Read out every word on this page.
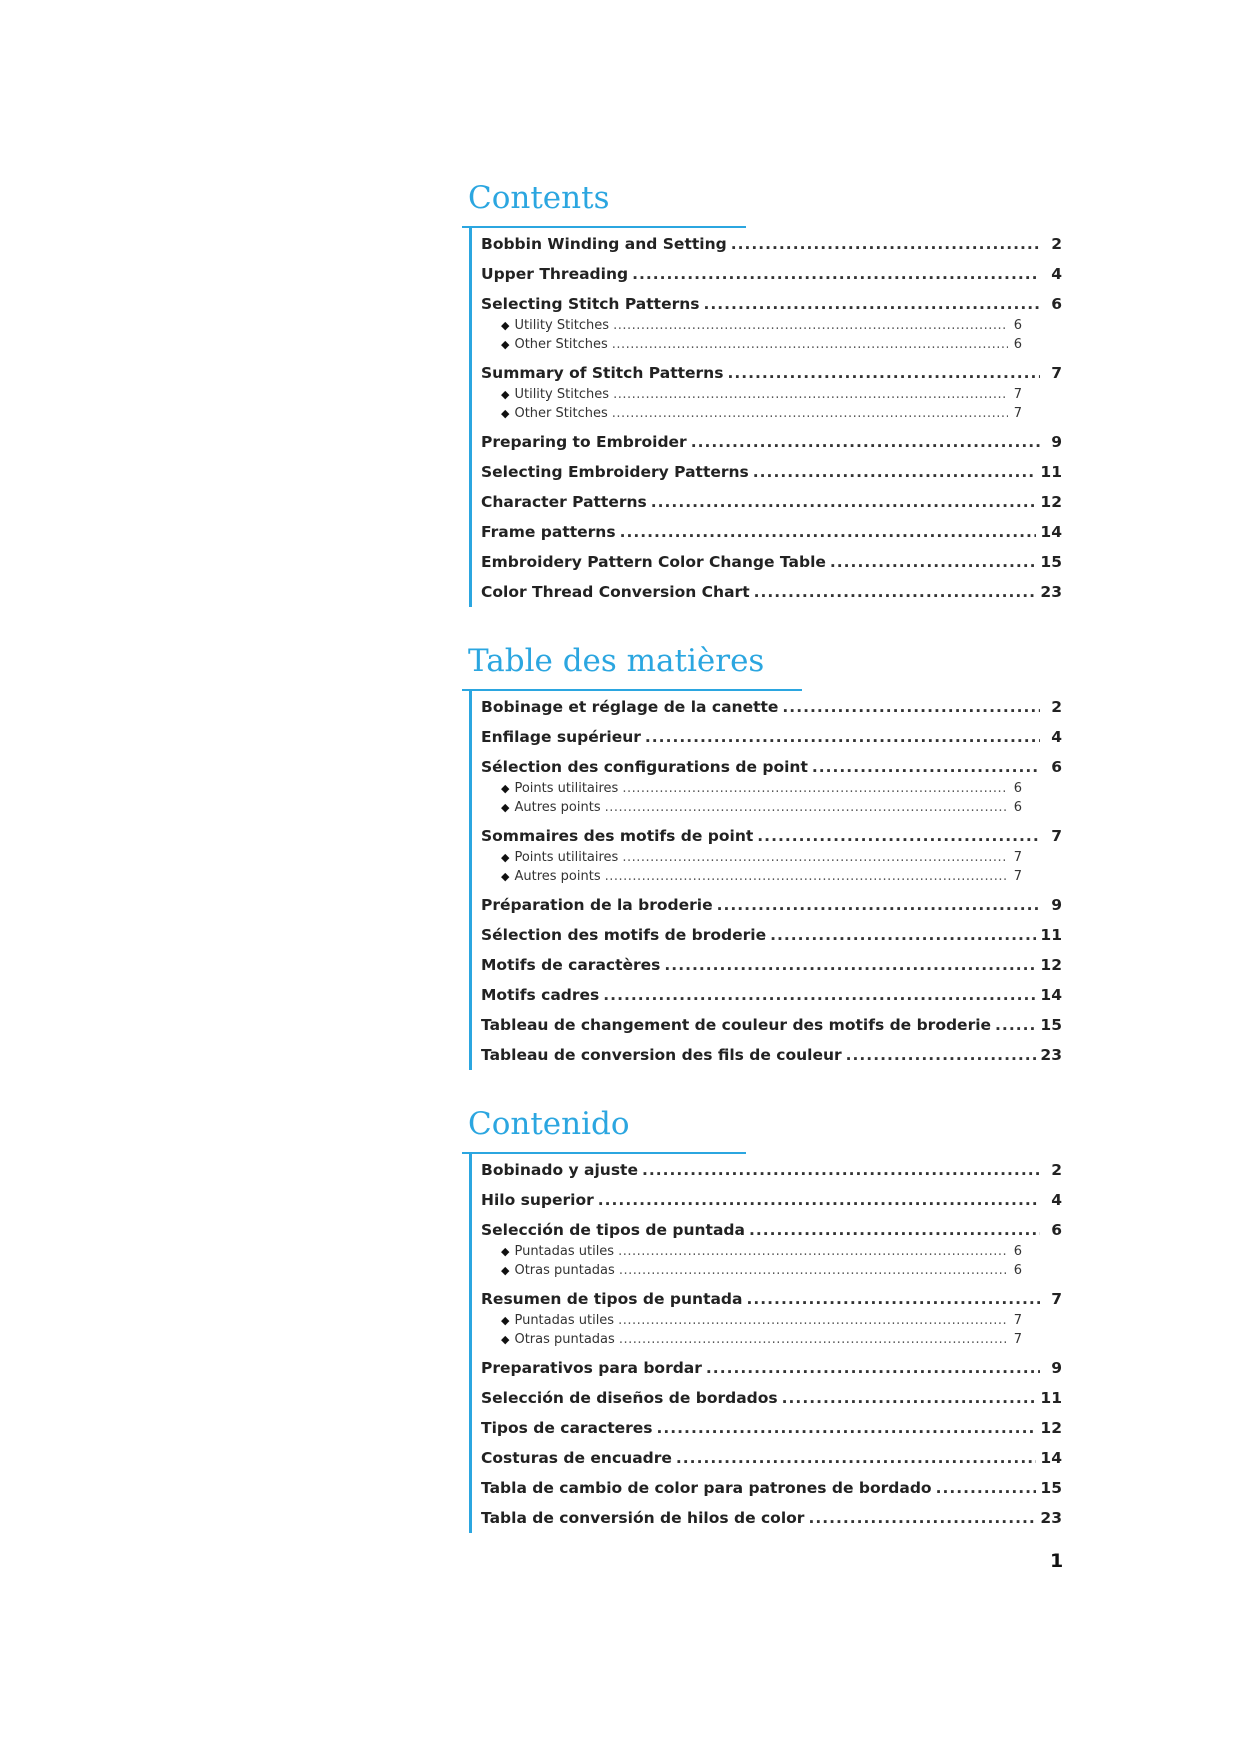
Contents
Bobbin Winding and Setting .....	2
Upper Threading .....	4
Selecting Stitch Patterns .....	6
◆ Utility Stitches .....	6
◆ Other Stitches .....	6
Summary of Stitch Patterns .....	7
◆ Utility Stitches .....	7
◆ Other Stitches .....	7
Preparing to Embroider .....	9
Selecting Embroidery Patterns .....	11
Character Patterns .....	12
Frame patterns .....	14
Embroidery Pattern Color Change Table .....	15
Color Thread Conversion Chart .....	23
Table des matières
Bobinage et réglage de la canette .....	2
Enfilage supérieur .....	4
Sélection des configurations de point .....	6
◆ Points utilitaires .....	6
◆ Autres points .....	6
Sommaires des motifs de point .....	7
◆ Points utilitaires .....	7
◆ Autres points .....	7
Préparation de la broderie .....	9
Sélection des motifs de broderie .....	11
Motifs de caractères .....	12
Motifs cadres .....	14
Tableau de changement de couleur des motifs de broderie .....	15
Tableau de conversion des fils de couleur .....	23
Contenido
Bobinado y ajuste .....	2
Hilo superior .....	4
Selección de tipos de puntada .....	6
◆ Puntadas utiles .....	6
◆ Otras puntadas .....	6
Resumen de tipos de puntada .....	7
◆ Puntadas utiles .....	7
◆ Otras puntadas .....	7
Preparativos para bordar .....	9
Selección de diseños de bordados .....	11
Tipos de caracteres .....	12
Costuras de encuadre .....	14
Tabla de cambio de color para patrones de bordado .....	15
Tabla de conversión de hilos de color .....	23
1
